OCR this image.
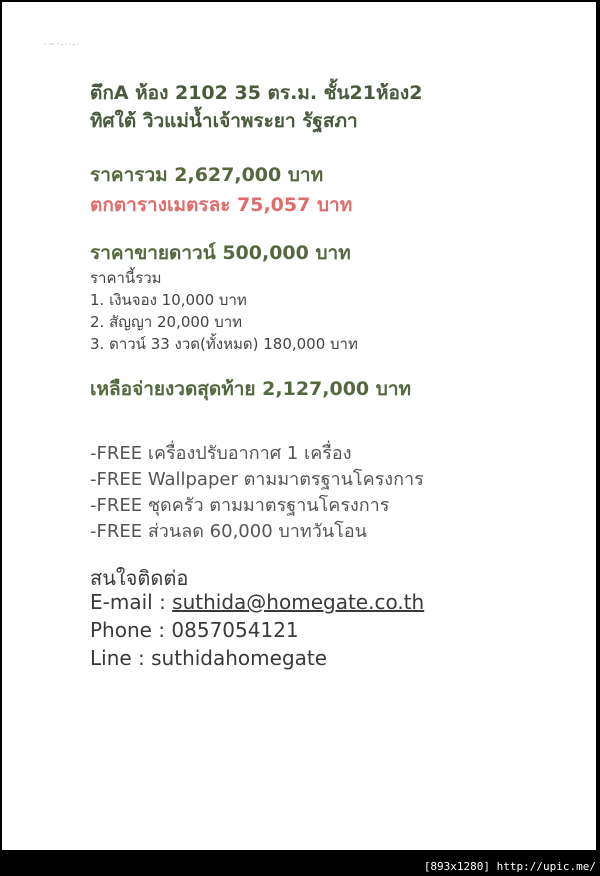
·~·-··-·
ตึกA ห้อง 2102 35 ตร.ม. ชั้น21ห้อง2
ทิศใต้ วิวแม่น้ำเจ้าพระยา รัฐสภา
ราคารวม 2,627,000 บาท
ตกตารางเมตรละ 75,057 บาท
ราคาขายดาวน์ 500,000 บาท
ราคานี้รวม
1. เงินจอง 10,000 บาท
2. สัญญา 20,000 บาท
3. ดาวน์ 33 งวด(ทั้งหมด) 180,000 บาท
เหลือจ่ายงวดสุดท้าย 2,127,000 บาท
-FREE เครื่องปรับอากาศ 1 เครื่อง
-FREE Wallpaper ตามมาตรฐานโครงการ
-FREE ชุดครัว ตามมาตรฐานโครงการ
-FREE ส่วนลด 60,000 บาทวันโอน
สนใจติดต่อ
E-mail : suthida@homegate.co.th
Phone : 0857054121
Line : suthidahomegate
[893x1280] http://upic.me/
